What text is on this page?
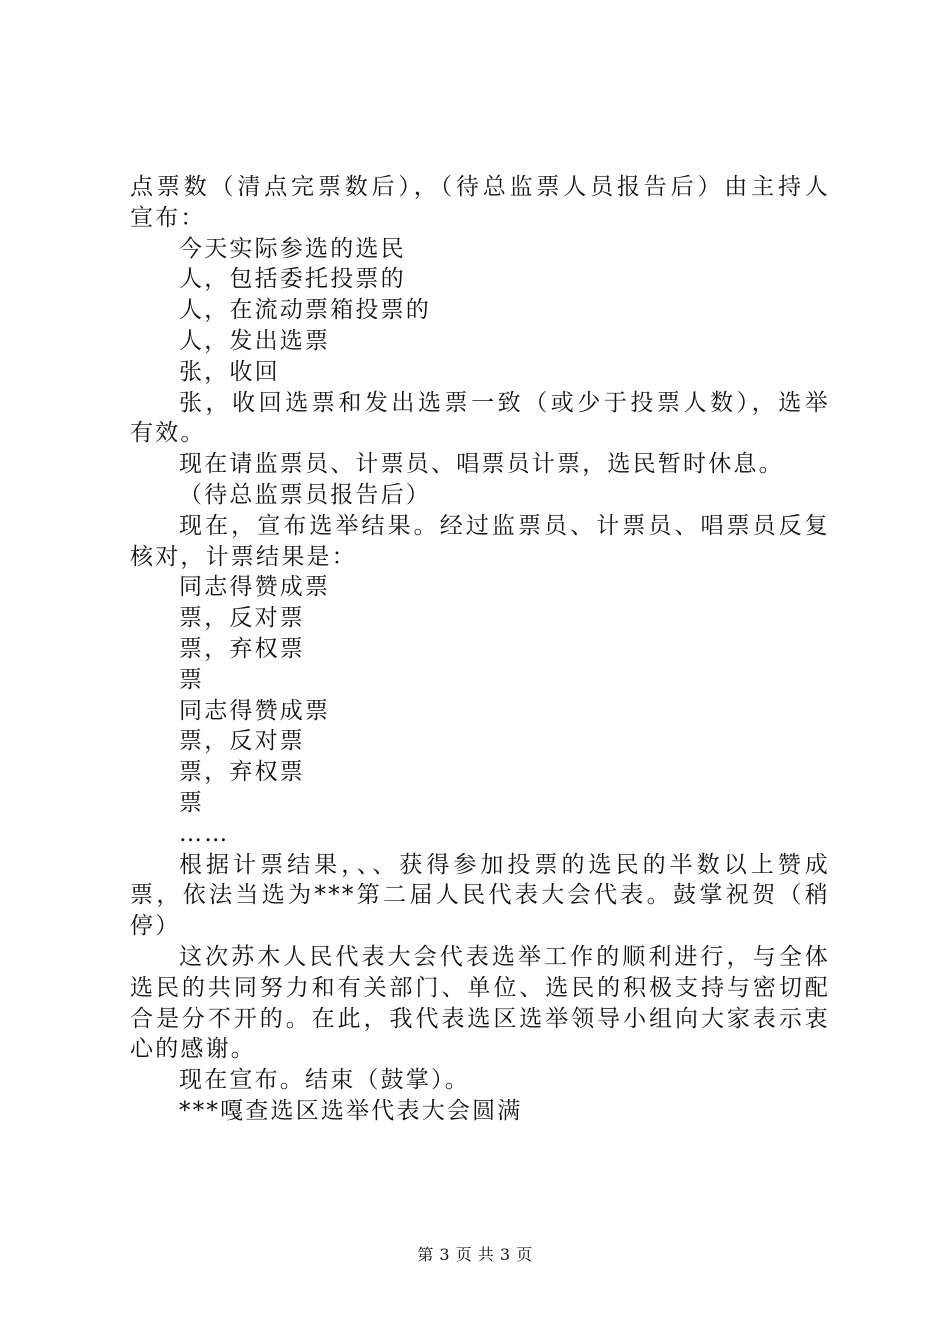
点票数（清点完票数后），（待总监票人员报告后）由主持人
宣布：
今天实际参选的选民
人，包括委托投票的
人，在流动票箱投票的
人，发出选票
张，收回
张，收回选票和发出选票一致（或少于投票人数），选举
有效。
现在请监票员、计票员、唱票员计票，选民暂时休息。
（待总监票员报告后）
现在，宣布选举结果。经过监票员、计票员、唱票员反复
核对，计票结果是：
同志得赞成票
票，反对票
票，弃权票
票
同志得赞成票
票，反对票
票，弃权票
票
……
根据计票结果，、、获得参加投票的选民的半数以上赞成
票，依法当选为***第二届人民代表大会代表。鼓掌祝贺（稍
停）
这次苏木人民代表大会代表选举工作的顺利进行，与全体
选民的共同努力和有关部门、单位、选民的积极支持与密切配
合是分不开的。在此，我代表选区选举领导小组向大家表示衷
心的感谢。
现在宣布。结束（鼓掌）。
***嘎查选区选举代表大会圆满
第 3 页 共 3 页
